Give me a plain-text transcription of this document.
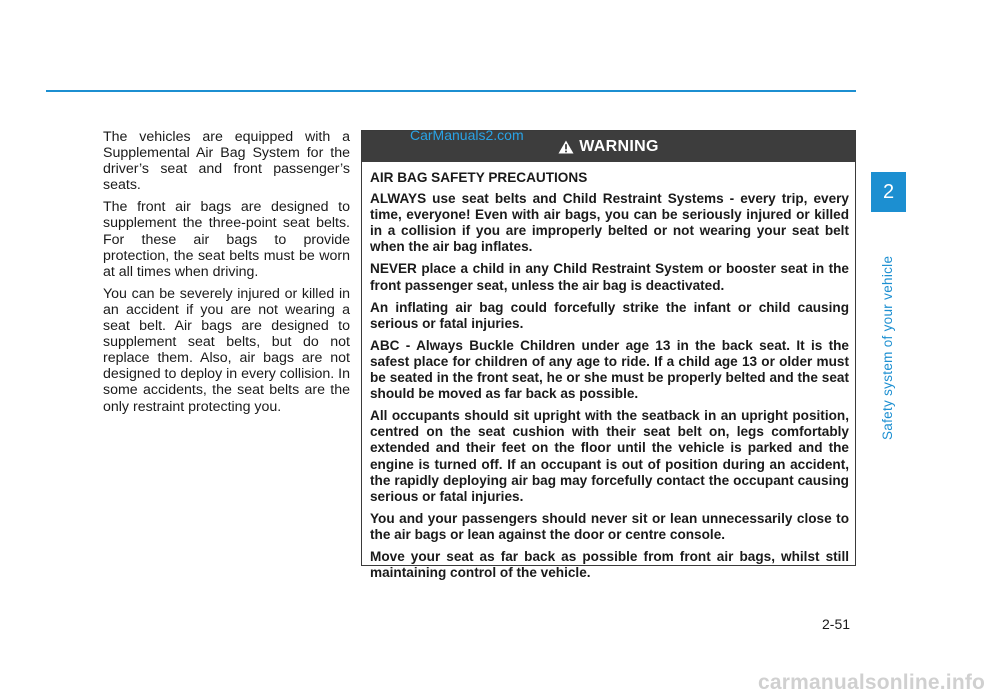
The vehicles are equipped with a Supplemental Air Bag System for the driver’s seat and front passenger’s seats.

The front air bags are designed to supplement the three-point seat belts. For these air bags to provide protection, the seat belts must be worn at all times when driving.

You can be severely injured or killed in an accident if you are not wearing a seat belt. Air bags are designed to supplement seat belts, but do not replace them. Also, air bags are not designed to deploy in every collision. In some accidents, the seat belts are the only restraint protecting you.

WARNING

AIR BAG SAFETY PRECAUTIONS

ALWAYS use seat belts and Child Restraint Systems - every trip, every time, everyone! Even with air bags, you can be seriously injured or killed in a collision if you are improperly belted or not wearing your seat belt when the air bag inflates.

NEVER place a child in any Child Restraint System or booster seat in the front passenger seat, unless the air bag is deactivated.

An inflating air bag could forcefully strike the infant or child causing serious or fatal injuries.

ABC - Always Buckle Children under age 13 in the back seat. It is the safest place for children of any age to ride. If a child age 13 or older must be seated in the front seat, he or she must be properly belted and the seat should be moved as far back as possible.

All occupants should sit upright with the seatback in an upright position, centred on the seat cushion with their seat belt on, legs comfortably extended and their feet on the floor until the vehicle is parked and the engine is turned off. If an occupant is out of position during an accident, the rapidly deploying air bag may forcefully contact the occupant causing serious or fatal injuries.

You and your passengers should never sit or lean unnecessarily close to the air bags or lean against the door or centre console.

Move your seat as far back as possible from front air bags, whilst still maintaining control of the vehicle.

CarManuals2.com
2
Safety system of your vehicle
2-51
carmanualsonline.info
